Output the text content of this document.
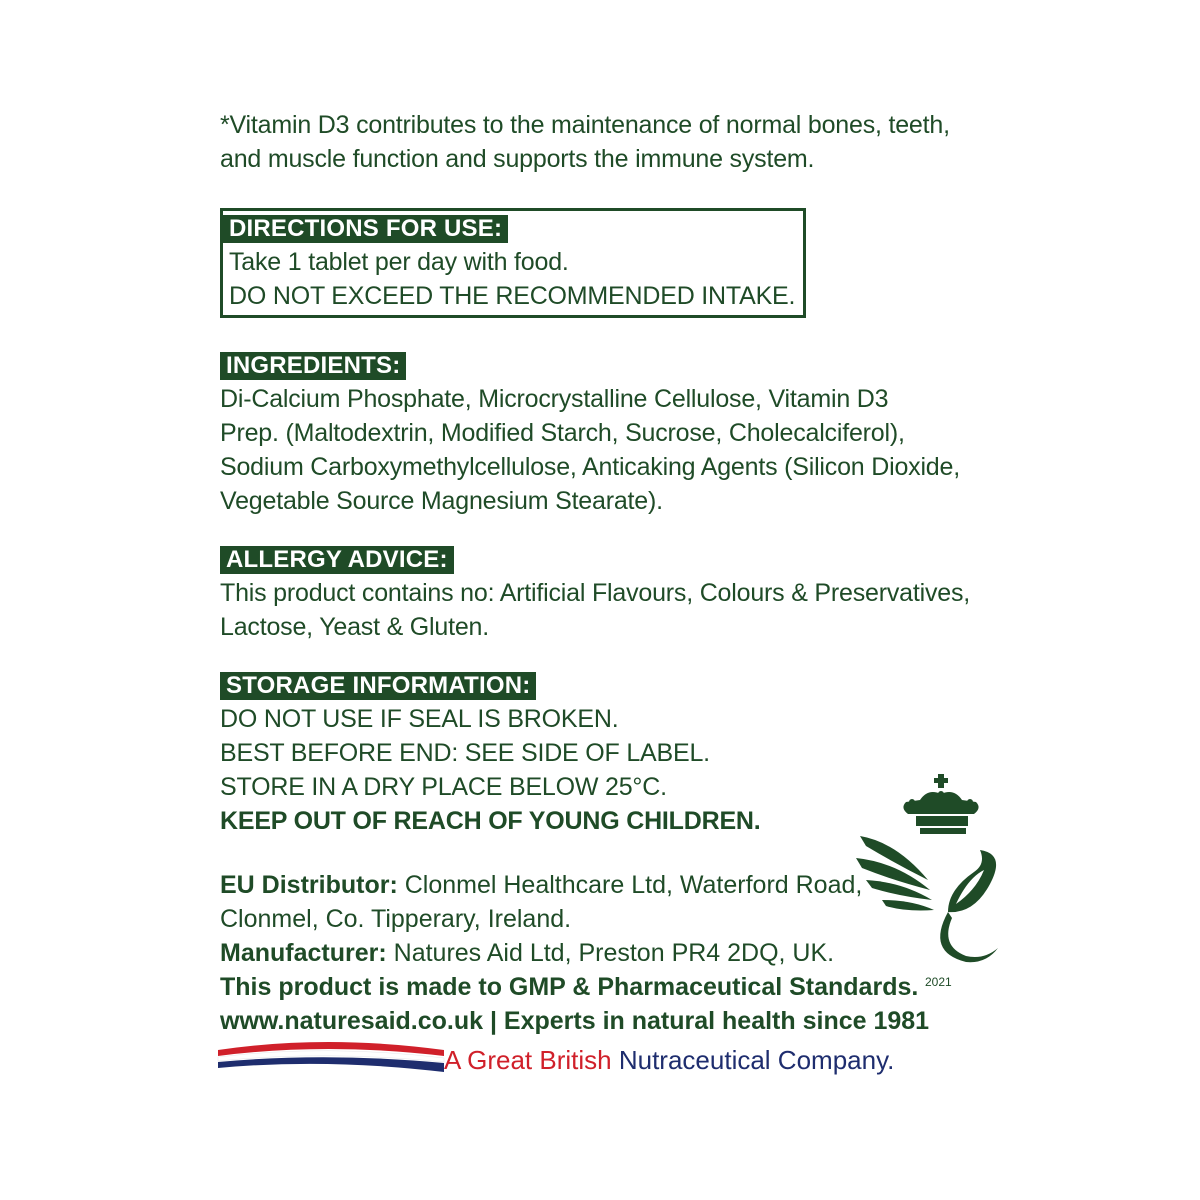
*Vitamin D3 contributes to the maintenance of normal bones, teeth,

and muscle function and supports the immune system.

DIRECTIONS FOR USE:

Take 1 tablet per day with food.

DO NOT EXCEED THE RECOMMENDED INTAKE.

INGREDIENTS:

Di-Calcium Phosphate, Microcrystalline Cellulose, Vitamin D3

Prep. (Maltodextrin, Modified Starch, Sucrose, Cholecalciferol),

Sodium Carboxymethylcellulose, Anticaking Agents (Silicon Dioxide,

Vegetable Source Magnesium Stearate).

ALLERGY ADVICE:

This product contains no: Artificial Flavours, Colours & Preservatives,

Lactose, Yeast & Gluten.

STORAGE INFORMATION:

DO NOT USE IF SEAL IS BROKEN.

BEST BEFORE END: SEE SIDE OF LABEL.

STORE IN A DRY PLACE BELOW 25°C.

KEEP OUT OF REACH OF YOUNG CHILDREN.

EU Distributor: Clonmel Healthcare Ltd, Waterford Road,

Clonmel, Co. Tipperary, Ireland.

Manufacturer: Natures Aid Ltd, Preston PR4 2DQ, UK.

This product is made to GMP & Pharmaceutical Standards.

www.naturesaid.co.uk | Experts in natural health since 1981

A Great British Nutraceutical Company.
2021
